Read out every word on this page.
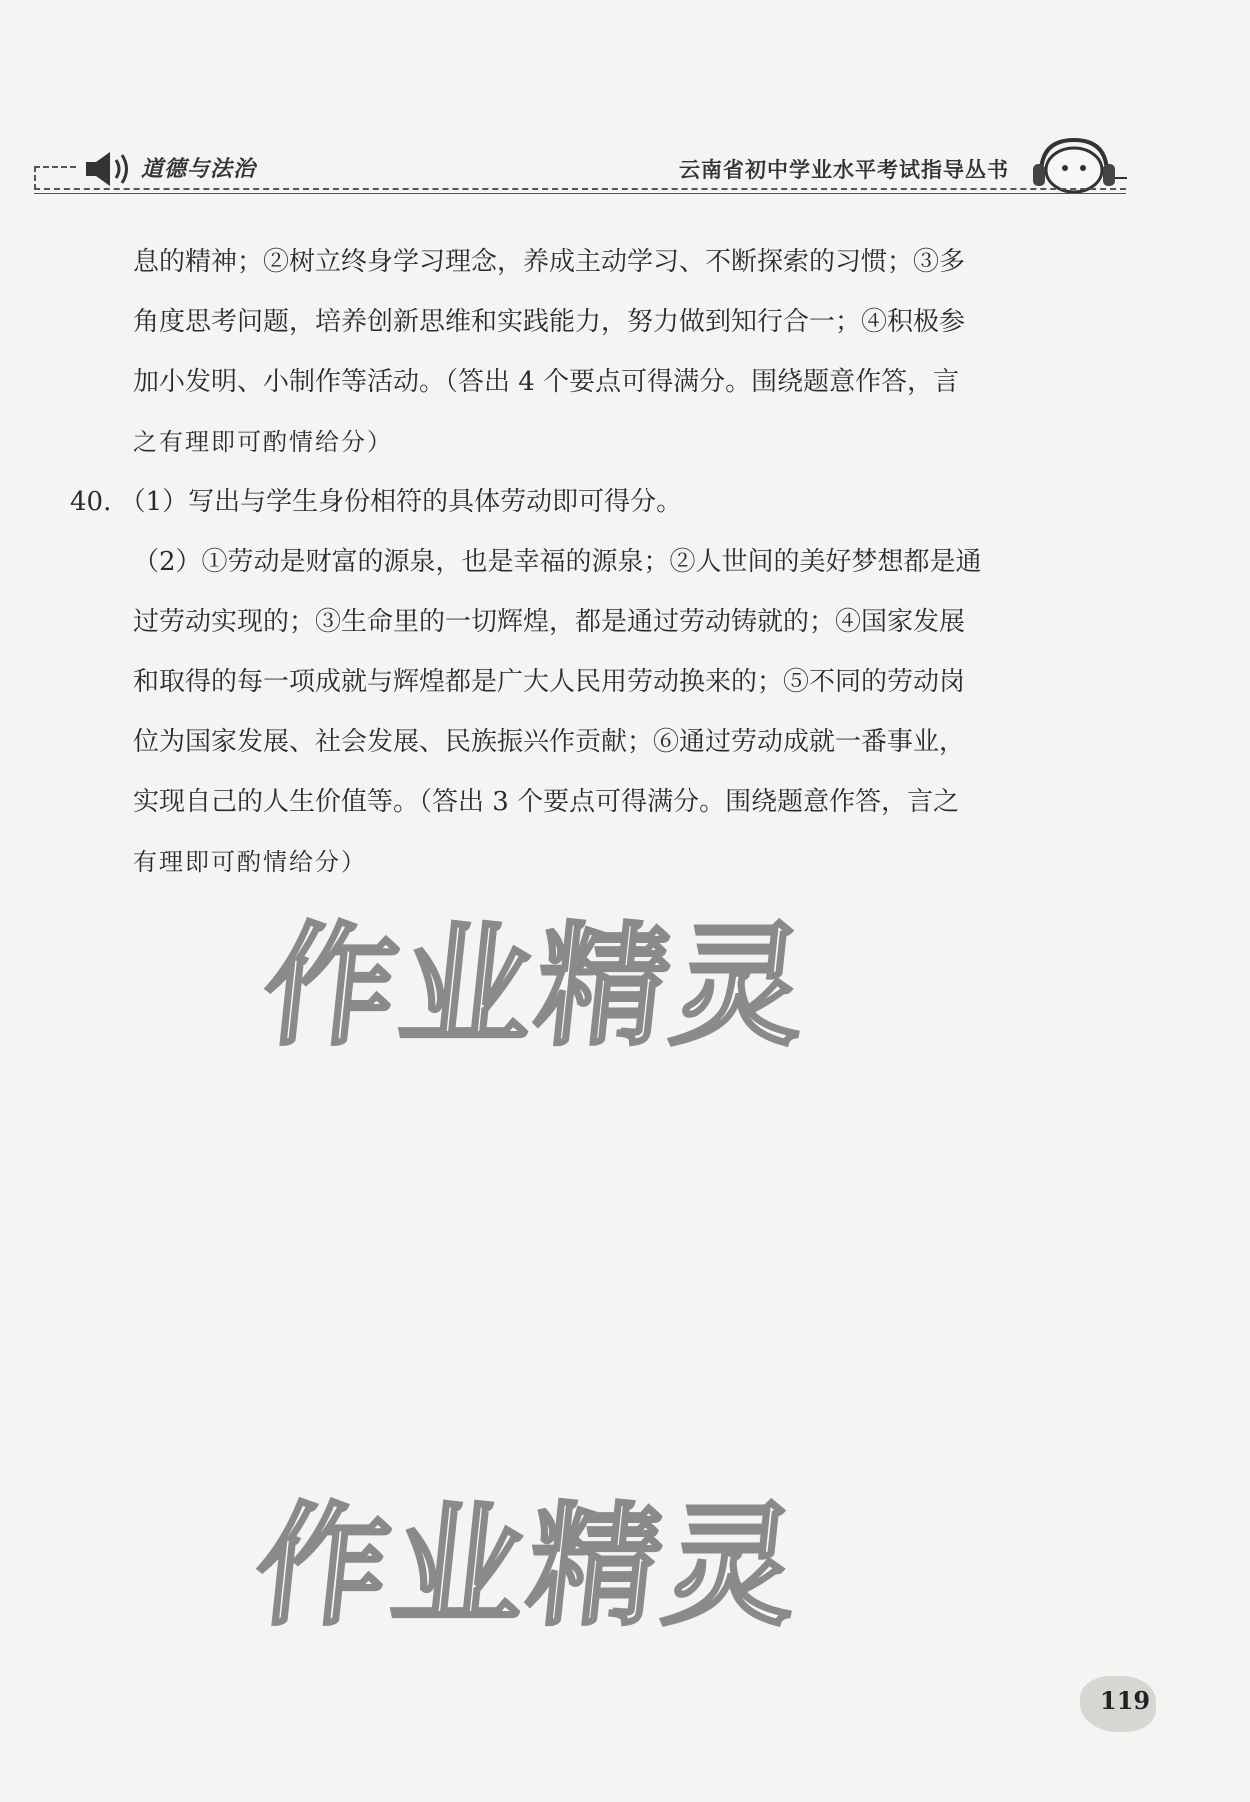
道德与法治	云南省初中学业水平考试指导丛书
息的精神；②树立终身学习理念，养成主动学习、不断探索的习惯；③多
角度思考问题，培养创新思维和实践能力，努力做到知行合一；④积极参
加小发明、小制作等活动。（答出 4 个要点可得满分。围绕题意作答，言
之有理即可酌情给分）
40. （1）写出与学生身份相符的具体劳动即可得分。
（2）①劳动是财富的源泉，也是幸福的源泉；②人世间的美好梦想都是通
过劳动实现的；③生命里的一切辉煌，都是通过劳动铸就的；④国家发展
和取得的每一项成就与辉煌都是广大人民用劳动换来的；⑤不同的劳动岗
位为国家发展、社会发展、民族振兴作贡献；⑥通过劳动成就一番事业，
实现自己的人生价值等。（答出 3 个要点可得满分。围绕题意作答，言之
有理即可酌情给分）
作业精灵
作业精灵
119
